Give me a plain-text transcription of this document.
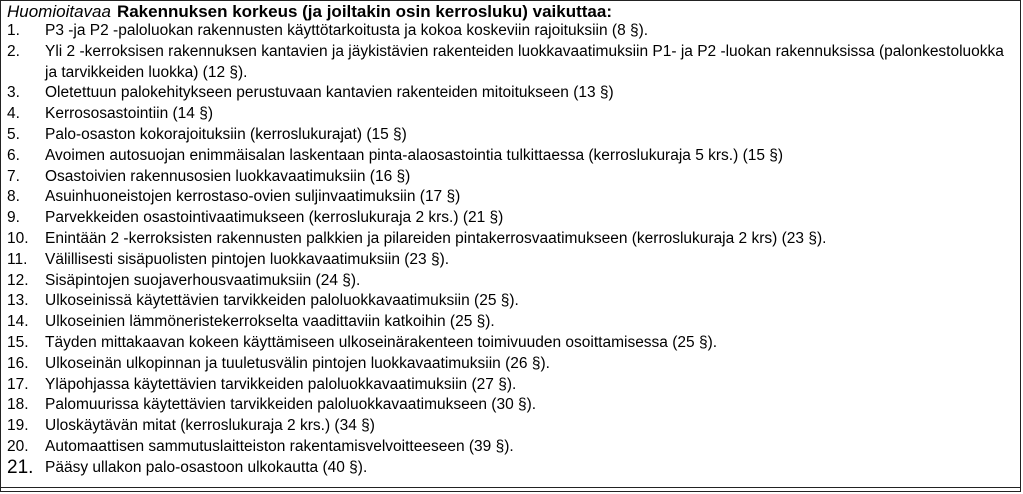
Huomioitavaa Rakennuksen korkeus (ja joiltakin osin kerrosluku) vaikuttaa:
1.	P3 -ja P2 -paloluokan rakennusten käyttötarkoitusta ja kokoa koskeviin rajoituksiin (8 §).
2.	Yli 2 -kerroksisen rakennuksen kantavien ja jäykistävien rakenteiden luokkavaatimuksiin P1- ja P2 -luokan rakennuksissa (palonkestoluokka ja tarvikkeiden luokka) (12 §).
3.	Oletettuun palokehitykseen perustuvaan kantavien rakenteiden mitoitukseen (13 §)
4.	Kerrososastointiin (14 §)
5.	Palo-osaston kokorajoituksiin (kerroslukurajat) (15 §)
6.	Avoimen autosuojan enimmäisalan laskentaan pinta-alaosastointia tulkittaessa (kerroslukuraja 5 krs.) (15 §)
7.	Osastoivien rakennusosien luokkavaatimuksiin (16 §)
8.	Asuinhuoneistojen kerrostaso-ovien suljinvaatimuksiin (17 §)
9.	Parvekkeiden osastointivaatimukseen (kerroslukuraja 2 krs.) (21 §)
10.	Enintään 2 -kerroksisten rakennusten palkkien ja pilareiden pintakerrosvaatimukseen (kerroslukuraja 2 krs) (23 §).
11.	Välillisesti sisäpuolisten pintojen luokkavaatimuksiin (23 §).
12.	Sisäpintojen suojaverhousvaatimuksiin (24 §).
13.	Ulkoseinissä käytettävien tarvikkeiden paloluokkavaatimuksiin (25 §).
14.	Ulkoseinien lämmöneristekerrokselta vaadittaviin katkoihin (25 §).
15.	Täyden mittakaavan kokeen käyttämiseen ulkoseinärakenteen toimivuuden osoittamisessa (25 §).
16.	Ulkoseinän ulkopinnan ja tuuletusvälin pintojen luokkavaatimuksiin (26 §).
17.	Yläpohjassa käytettävien tarvikkeiden paloluokkavaatimuksiin (27 §).
18.	Palomuurissa käytettävien tarvikkeiden paloluokkavaatimukseen (30 §).
19.	Uloskäytävän mitat (kerroslukuraja 2 krs.) (34 §)
20.	Automaattisen sammutuslaitteiston rakentamisvelvoitteeseen (39 §).
21. Pääsy ullakon palo-osastoon ulkokautta (40 §).
